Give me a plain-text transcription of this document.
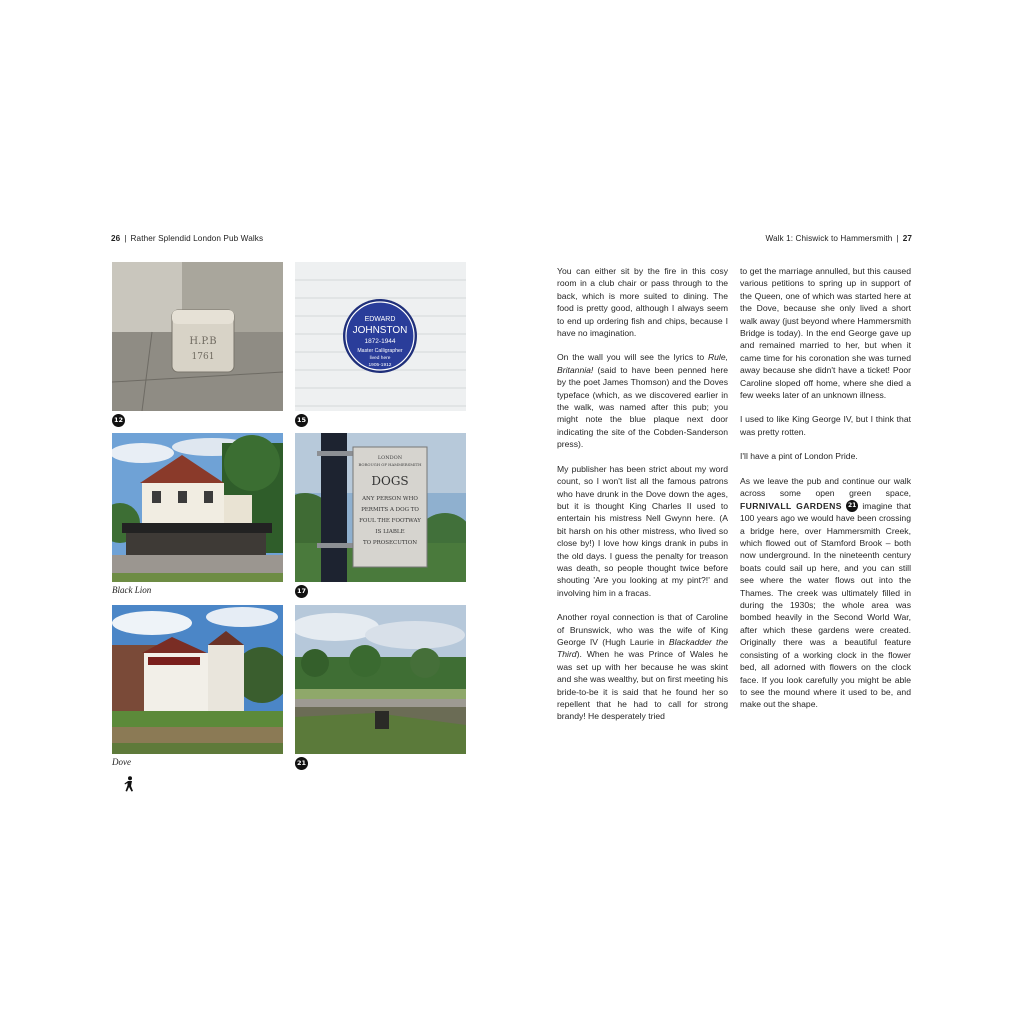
26 | Rather Splendid London Pub Walks	Walk 1: Chiswick to Hammersmith | 27
H.P.B
1761
12
EDWARD
JOHNSTON
1872-1944
Master Calligrapher
lived here
1905-1912
15
Black Lion
LONDON
BOROUGH OF HAMMERSMITH
DOGS
ANY PERSON WHO
PERMITS A DOG TO
FOUL THE FOOTWAY
IS LIABLE
TO PROSECUTION
17
Dove	21

You can either sit by the fire in this cosy room in a club chair or pass through to the back, which is more suited to dining. The food is pretty good, although I always seem to end up ordering fish and chips, because I have no imagination.

On the wall you will see the lyrics to Rule, Britannia! (said to have been penned here by the poet James Thomson) and the Doves typeface (which, as we discovered earlier in the walk, was named after this pub; you might note the blue plaque next door indicating the site of the Cobden-Sanderson press).

My publisher has been strict about my word count, so I won't list all the famous patrons who have drunk in the Dove down the ages, but it is thought King Charles II used to entertain his mistress Nell Gwynn here. (A bit harsh on his other mistress, who lived so close by!) I love how kings drank in pubs in the old days. I guess the penalty for treason was death, so people thought twice before shouting 'Are you looking at my pint?!' and involving him in a fracas.

Another royal connection is that of Caroline of Brunswick, who was the wife of King George IV (Hugh Laurie in Blackadder the Third). When he was Prince of Wales he was set up with her because he was skint and she was wealthy, but on first meeting his bride-to-be it is said that he found her so repellent that he had to call for strong brandy! He desperately tried

to get the marriage annulled, but this caused various petitions to spring up in support of the Queen, one of which was started here at the Dove, because she only lived a short walk away (just beyond where Hammersmith Bridge is today). In the end George gave up and remained married to her, but when it came time for his coronation she was turned away because she didn't have a ticket! Poor Caroline sloped off home, where she died a few weeks later of an unknown illness.

I used to like King George IV, but I think that was pretty rotten.

I'll have a pint of London Pride.

As we leave the pub and continue our walk across some open green space, FURNIVALL GARDENS 21 imagine that 100 years ago we would have been crossing a bridge here, over Hammersmith Creek, which flowed out of Stamford Brook – both now underground. In the nineteenth century boats could sail up here, and you can still see where the water flows out into the Thames. The creek was ultimately filled in during the 1930s; the whole area was bombed heavily in the Second World War, after which these gardens were created. Originally there was a beautiful feature consisting of a working clock in the flower bed, all adorned with flowers on the clock face. If you look carefully you might be able to see the mound where it used to be, and make out the shape.
